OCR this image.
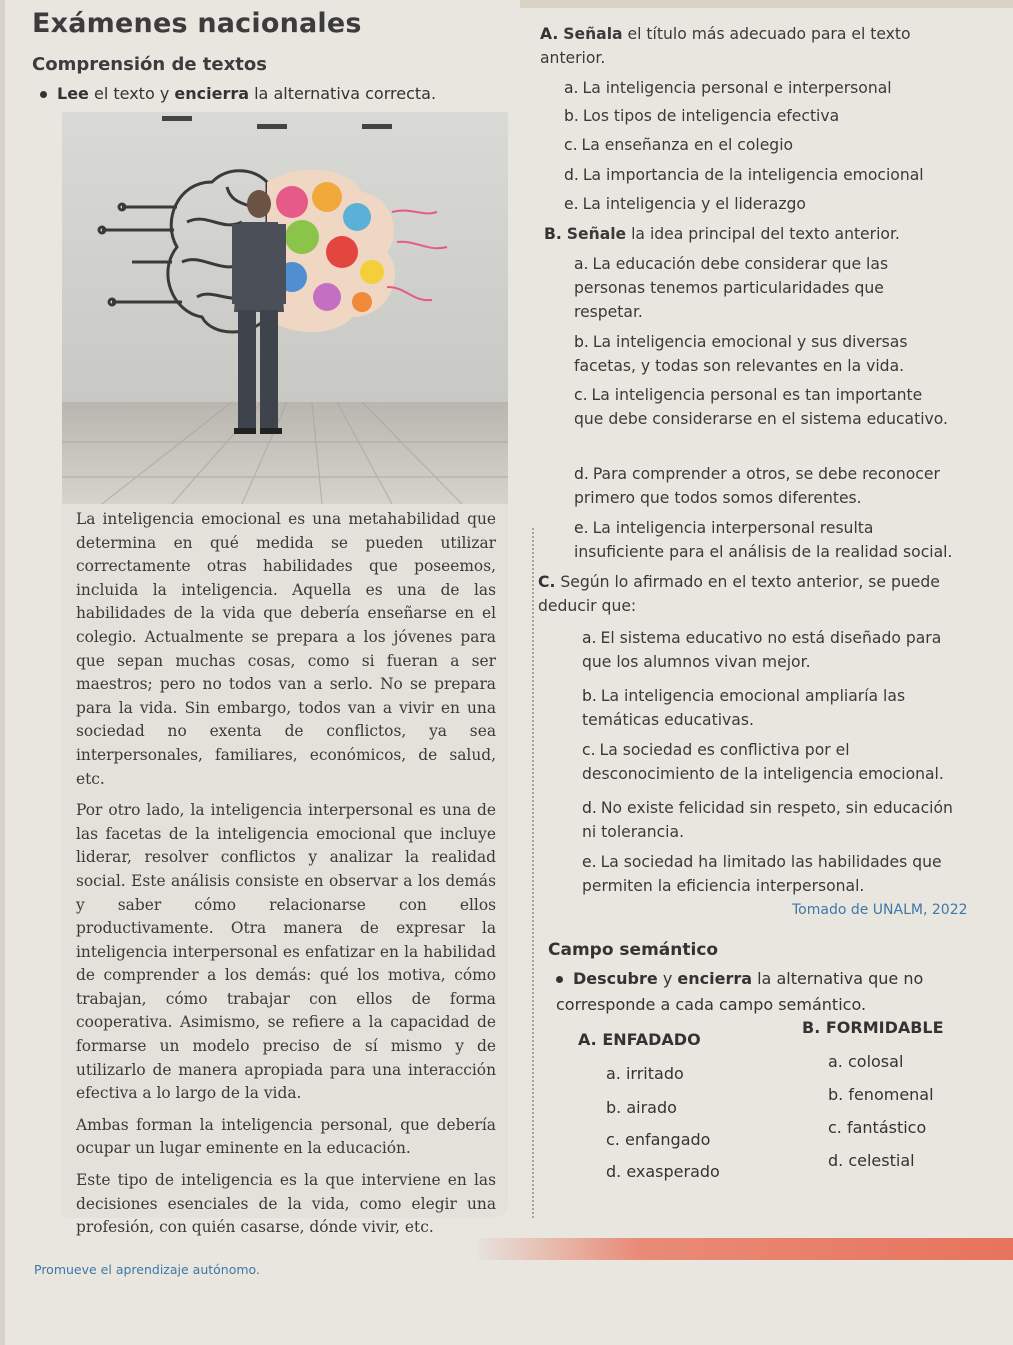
Exámenes nacionales
Comprensión de textos
Lee el texto y encierra la alternativa correcta.

La inteligencia emocional es una metahabilidad que determina en qué medida se pueden utilizar correctamente otras habilidades que poseemos, incluida la inteligencia. Aquella es una de las habilidades de la vida que debería enseñarse en el colegio. Actualmente se prepara a los jóvenes para que sepan muchas cosas, como si fueran a ser maestros; pero no todos van a serlo. No se prepara para la vida. Sin embargo, todos van a vivir en una sociedad no exenta de conflictos, ya sea interpersonales, familiares, económicos, de salud, etc.

Por otro lado, la inteligencia interpersonal es una de las facetas de la inteligencia emocional que incluye liderar, resolver conflictos y analizar la realidad social. Este análisis consiste en observar a los demás y saber cómo relacionarse con ellos productivamente. Otra manera de expresar la inteligencia interpersonal es enfatizar en la habilidad de comprender a los demás: qué los motiva, cómo trabajan, cómo trabajar con ellos de forma cooperativa. Asimismo, se refiere a la capacidad de formarse un modelo preciso de sí mismo y de utilizarlo de manera apropiada para una interacción efectiva a lo largo de la vida.

Ambas forman la inteligencia personal, que debería ocupar un lugar eminente en la educación.

Este tipo de inteligencia es la que interviene en las decisiones esenciales de la vida, como elegir una profesión, con quién casarse, dónde vivir, etc.

A. Señala el título más adecuado para el texto anterior.
a. La inteligencia personal e interpersonal
b. Los tipos de inteligencia efectiva
c. La enseñanza en el colegio
d. La importancia de la inteligencia emocional
e. La inteligencia y el liderazgo
B. Señale la idea principal del texto anterior.
a. La educación debe considerar que las personas tenemos particularidades que respetar.
b. La inteligencia emocional y sus diversas facetas, y todas son relevantes en la vida.
c. La inteligencia personal es tan importante que debe considerarse en el sistema educativo.
d. Para comprender a otros, se debe reconocer primero que todos somos diferentes.
e. La inteligencia interpersonal resulta insuficiente para el análisis de la realidad social.
C. Según lo afirmado en el texto anterior, se puede deducir que:
a. El sistema educativo no está diseñado para que los alumnos vivan mejor.
b. La inteligencia emocional ampliaría las temáticas educativas.
c. La sociedad es conflictiva por el desconocimiento de la inteligencia emocional.
d. No existe felicidad sin respeto, sin educación ni tolerancia.
e. La sociedad ha limitado las habilidades que permiten la eficiencia interpersonal.
Tomado de UNALM, 2022
Campo semántico
Descubre y encierra la alternativa que no corresponde a cada campo semántico.
A. ENFADADO
a. irritado
b. airado
c. enfangado
d. exasperado
B. FORMIDABLE
a. colosal
b. fenomenal
c. fantástico
d. celestial
Promueve el aprendizaje autónomo.
